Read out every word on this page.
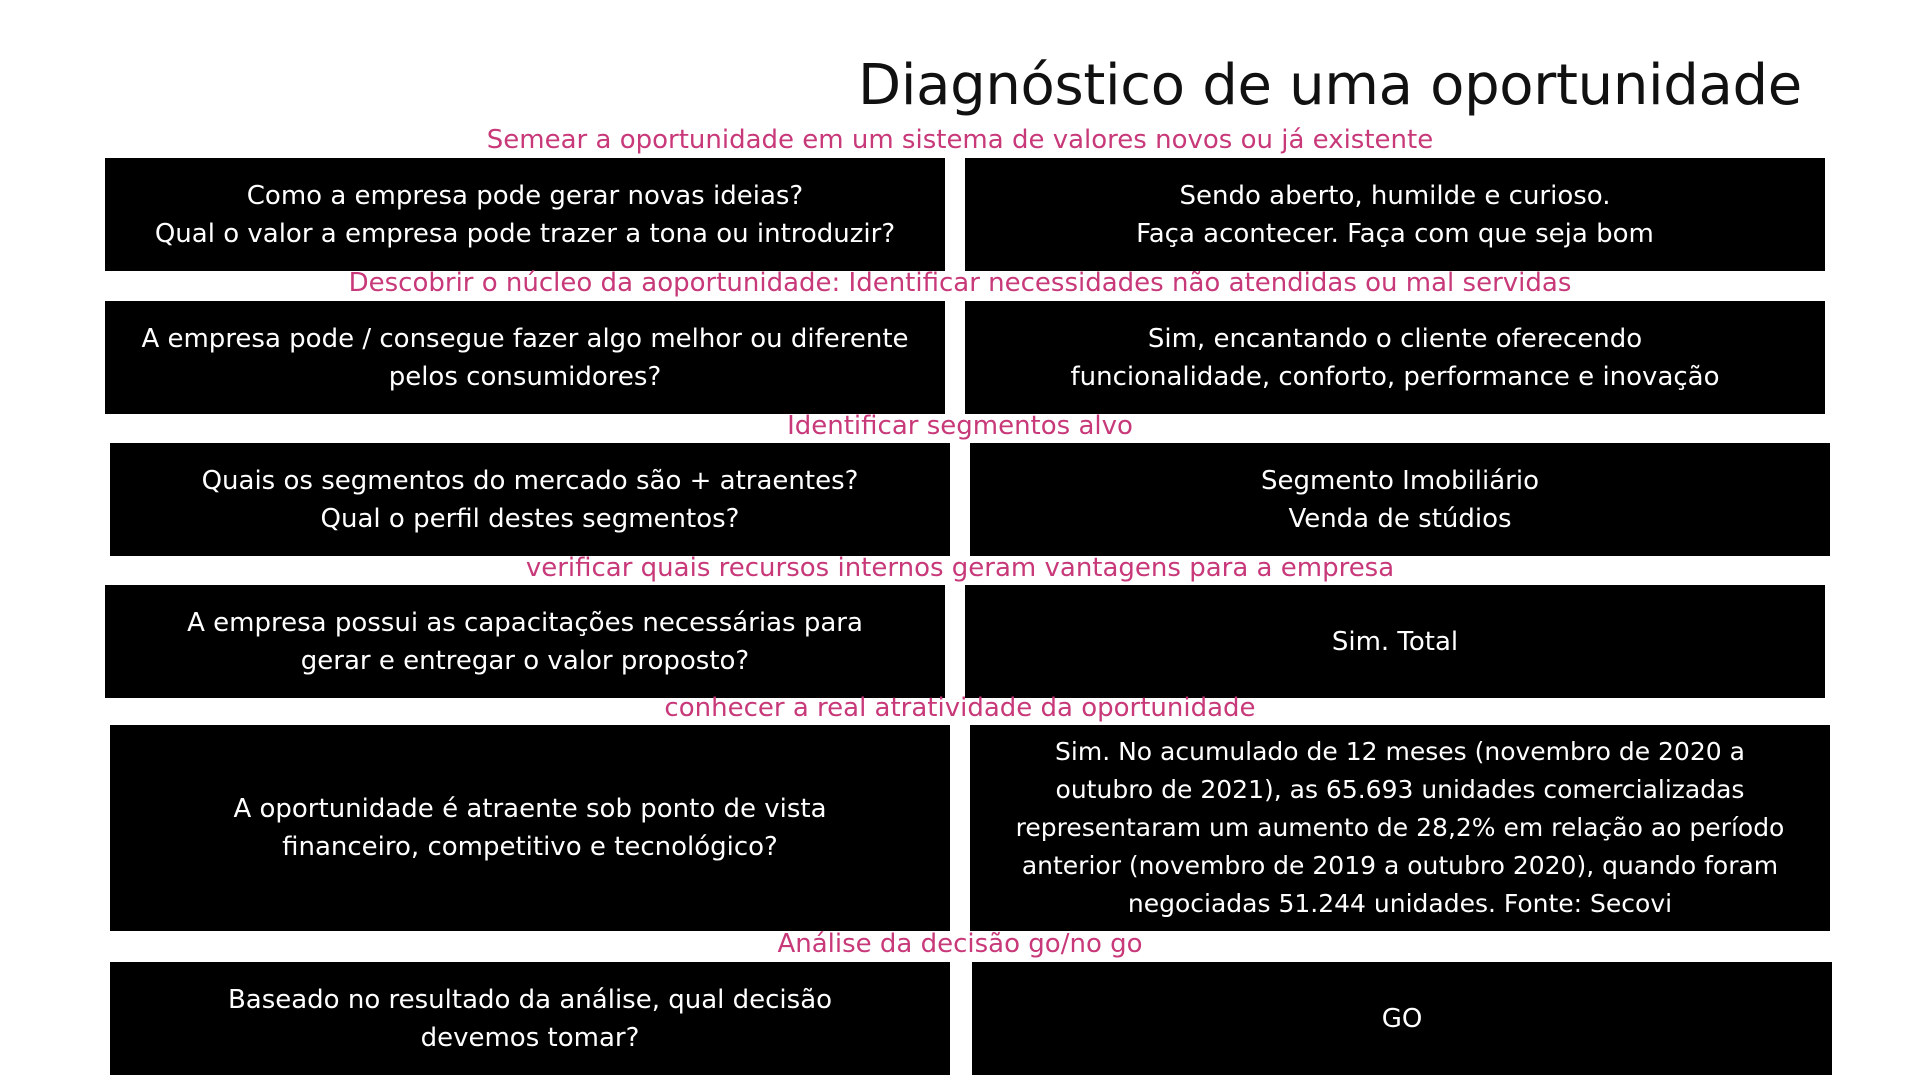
Diagnóstico de uma oportunidade
Semear a oportunidade em um sistema de valores novos ou já existente
Como a empresa pode gerar novas ideias?
Qual o valor a empresa pode trazer a tona ou introduzir?
Sendo aberto, humilde e curioso.
Faça acontecer. Faça com que seja bom
Descobrir o núcleo da aoportunidade: Identificar necessidades não atendidas ou mal servidas
A empresa pode / consegue fazer algo melhor ou diferente
pelos consumidores?
Sim, encantando o cliente oferecendo
funcionalidade, conforto, performance e inovação
Identificar segmentos alvo
Quais os segmentos do mercado são + atraentes?
Qual o perfil destes segmentos?
Segmento Imobiliário
Venda de stúdios
verificar quais recursos internos geram vantagens para a empresa
A empresa possui as capacitações necessárias para
gerar e entregar o valor proposto?
Sim. Total
conhecer a real atratividade da oportunidade
A oportunidade é atraente sob ponto de vista
financeiro, competitivo e tecnológico?
Sim. No acumulado de 12 meses (novembro de 2020 a
outubro de 2021), as 65.693 unidades comercializadas
representaram um aumento de 28,2% em relação ao período
anterior (novembro de 2019 a outubro 2020), quando foram
negociadas 51.244 unidades. Fonte: Secovi
Análise da decisão go/no go
Baseado no resultado da análise, qual decisão
devemos tomar?
GO
